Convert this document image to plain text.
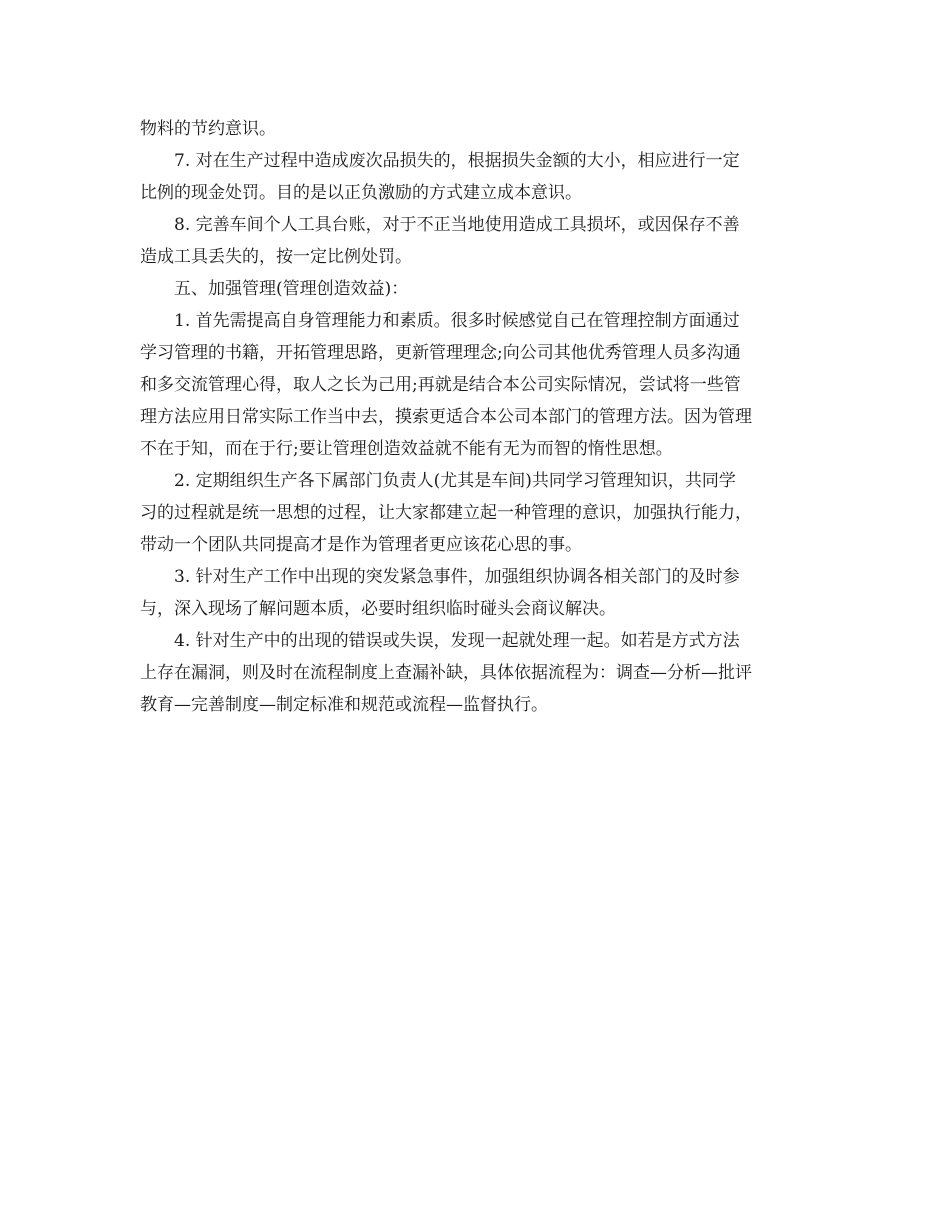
物料的节约意识。

7. 对在生产过程中造成废次品损失的，根据损失金额的大小，相应进行一定
比例的现金处罚。目的是以正负激励的方式建立成本意识。

8. 完善车间个人工具台账，对于不正当地使用造成工具损坏，或因保存不善
造成工具丢失的，按一定比例处罚。

五、加强管理(管理创造效益)：

1. 首先需提高自身管理能力和素质。很多时候感觉自己在管理控制方面通过
学习管理的书籍，开拓管理思路，更新管理理念;向公司其他优秀管理人员多沟通
和多交流管理心得，取人之长为己用;再就是结合本公司实际情况，尝试将一些管
理方法应用日常实际工作当中去，摸索更适合本公司本部门的管理方法。因为管理
不在于知，而在于行;要让管理创造效益就不能有无为而智的惰性思想。

2. 定期组织生产各下属部门负责人(尤其是车间)共同学习管理知识，共同学
习的过程就是统一思想的过程，让大家都建立起一种管理的意识，加强执行能力，
带动一个团队共同提高才是作为管理者更应该花心思的事。

3. 针对生产工作中出现的突发紧急事件，加强组织协调各相关部门的及时参
与，深入现场了解问题本质，必要时组织临时碰头会商议解决。

4. 针对生产中的出现的错误或失误，发现一起就处理一起。如若是方式方法
上存在漏洞，则及时在流程制度上查漏补缺，具体依据流程为：调查—分析—批评
教育—完善制度—制定标准和规范或流程—监督执行。
